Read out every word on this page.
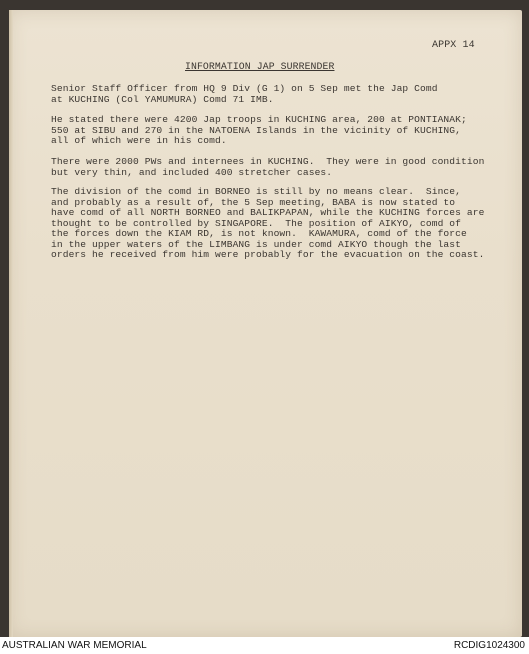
APPX 14
INFORMATION JAP SURRENDER
Senior Staff Officer from HQ 9 Div (G 1) on 5 Sep met the Jap Comd
at KUCHING (Col YAMUMURA) Comd 71 IMB.
He stated there were 4200 Jap troops in KUCHING area, 200 at PONTIANAK;
550 at SIBU and 270 in the NATOENA Islands in the vicinity of KUCHING,
all of which were in his comd.
There were 2000 PWs and internees in KUCHING.  They were in good condition
but very thin, and included 400 stretcher cases.
The division of the comd in BORNEO is still by no means clear.  Since,
and probably as a result of, the 5 Sep meeting, BABA is now stated to
have comd of all NORTH BORNEO and BALIKPAPAN, while the KUCHING forces are
thought to be controlled by SINGAPORE.  The position of AIKYO, comd of
the forces down the KIAM RD, is not known.  KAWAMURA, comd of the force
in the upper waters of the LIMBANG is under comd AIKYO though the last
orders he received from him were probably for the evacuation on the coast.
AUSTRALIAN WAR MEMORIAL	RCDIG1024300
